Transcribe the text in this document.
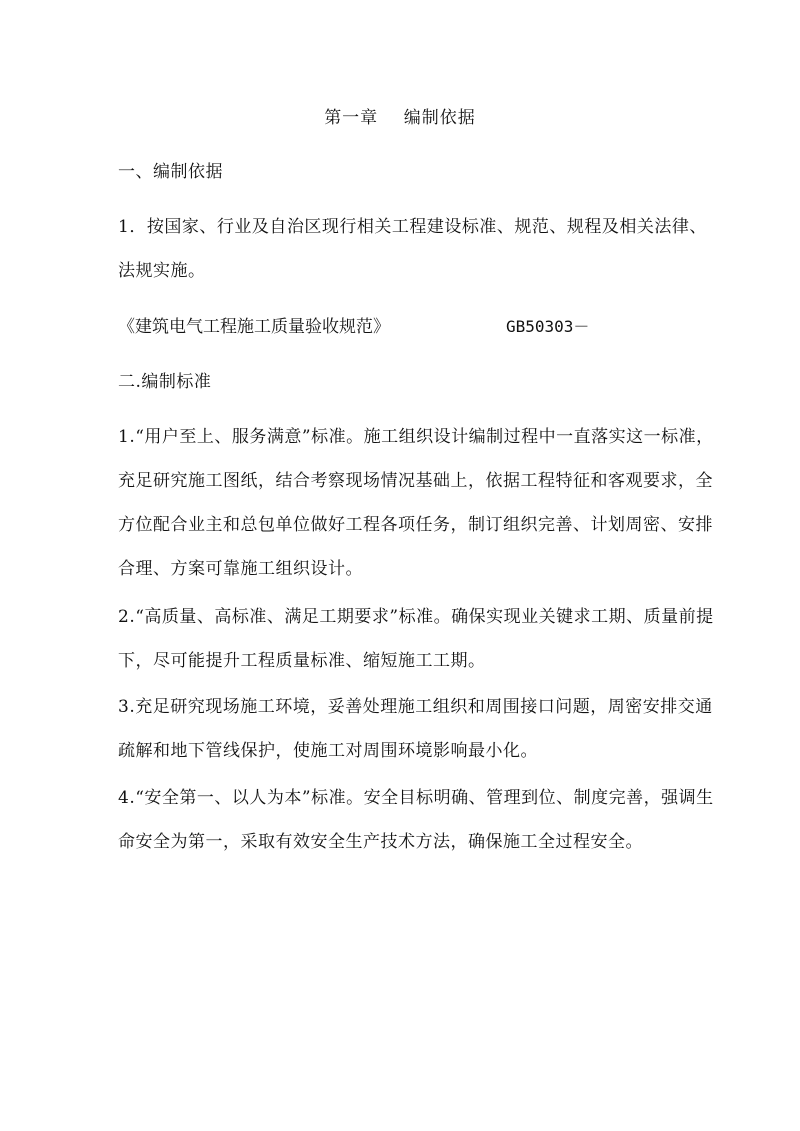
第一章    编制依据

一、编制依据

1．按国家、行业及自治区现行相关工程建设标准、规范、规程及相关法律、法规实施。

《建筑电气工程施工质量验收规范》	GB50303－

二.编制标准

1.“用户至上、服务满意”标准。施工组织设计编制过程中一直落实这一标准，充足研究施工图纸，结合考察现场情况基础上，依据工程特征和客观要求，全方位配合业主和总包单位做好工程各项任务，制订组织完善、计划周密、安排合理、方案可靠施工组织设计。

2.“高质量、高标准、满足工期要求”标准。确保实现业关键求工期、质量前提下，尽可能提升工程质量标准、缩短施工工期。

3.充足研究现场施工环境，妥善处理施工组织和周围接口问题，周密安排交通疏解和地下管线保护，使施工对周围环境影响最小化。

4.“安全第一、以人为本”标准。安全目标明确、管理到位、制度完善，强调生命安全为第一，采取有效安全生产技术方法，确保施工全过程安全。
